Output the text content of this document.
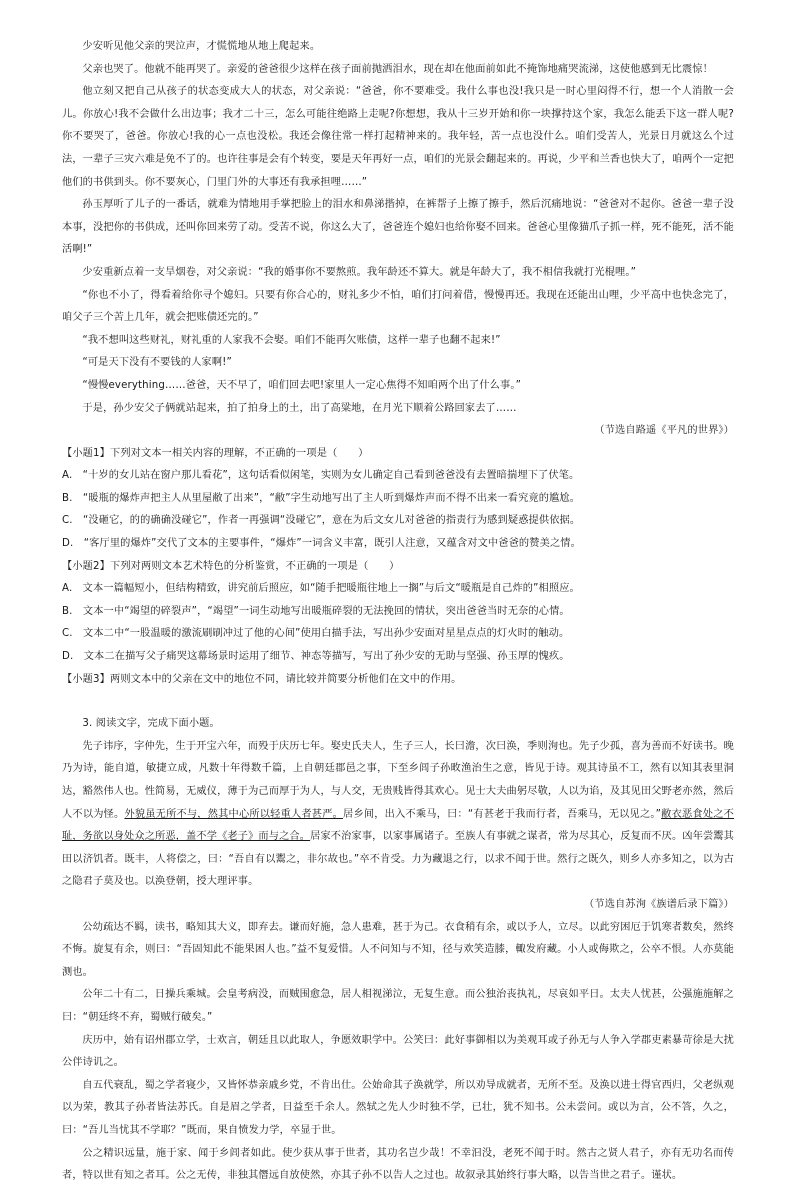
少安听见他父亲的哭泣声，才慌慌地从地上爬起来。

父亲也哭了。他就不能再哭了。亲爱的爸爸很少这样在孩子面前抛洒泪水，现在却在他面前如此不掩饰地痛哭流涕，这使他感到无比震惊！

他立刻又把自己从孩子的状态变成大人的状态，对父亲说：“爸爸，你不要难受。我什么事也没!我只是一时心里闷得不行，想一个人消散一会儿。你放心!我不会做什么出边事；我才二十三，怎么可能往绝路上走呢?你想想，我从十三岁开始和你一块撑持这个家，我怎么能丢下这一群人呢?你不要哭了，爸爸。你放心!我的心一点也没松。我还会像往常一样打起精神来的。我年轻，苦一点也没什么。咱们受苦人，光景日月就这么个过法，一辈子三灾六难是免不了的。也许往事是会有个转变，要是天年再好一点，咱们的光景会翻起来的。再说，少平和兰香也快大了，咱两个一定把他们的书供到头。你不要灰心，门里门外的大事还有我承担哩……”

孙玉厚听了儿子的一番话，就难为情地用手掌把脸上的泪水和鼻涕揩掉，在裤帮子上擦了擦手，然后沉痛地说：“爸爸对不起你。爸爸一辈子没本事，没把你的书供成，还叫你回来劳了动。受苦不说，你这么大了，爸爸连个媳妇也给你娶不回来。爸爸心里像猫爪子抓一样，死不能死，活不能活啊!”

少安重新点着一支旱烟卷，对父亲说：“我的婚事你不要熬煎。我年龄还不算大。就是年龄大了，我不相信我就打光棍哩。”

“你也不小了，得看着给你寻个媳妇。只要有你合心的，财礼多少不怕，咱们打问着借，慢慢再还。我现在还能出山哩，少平高中也快念完了，咱父子三个苦上几年，就会把账债还完的。”

“我不想叫这些财礼，财礼重的人家我不会娶。咱们不能再欠账债，这样一辈子也翻不起来!”

“可是天下没有不要钱的人家啊!”

“慢慢everything……爸爸，天不早了，咱们回去吧!家里人一定心焦得不知咱两个出了什么事。”

于是，孙少安父子俩就站起来，拍了拍身上的土，出了高粱地，在月光下顺着公路回家去了……

（节选自路遥《平凡的世界》）

【小题1】下列对文本一相关内容的理解，不正确的一项是（　　）

A.　“十岁的女儿站在窗户那儿看花”，这句话看似闲笔，实则为女儿确定自己看到爸爸没有去置暗揣埋下了伏笔。

B.　“暖瓶的爆炸声把主人从里屋敝了出来”，“敝”字生动地写出了主人听到爆炸声而不得不出来一看究竟的尴尬。

C.　“没砸它，的的确确没碰它”，作者一再强调“没碰它”，意在为后文女儿对爸爸的指责行为感到疑惑提供依据。

D.　“客厅里的爆炸”交代了文本的主要事件，“爆炸”一词含义丰富，既引人注意，又蕴含对文中爸爸的赞美之情。

【小题2】下列对两则文本艺术特色的分析鉴赏，不正确的一项是（　　）

A.　文本一篇幅短小，但结构精致，讲究前后照应，如“随手把暖瓶往地上一搁”与后文“暖瓶是自己炸的”相照应。

B.　文本一中“竭望的碎裂声”，“竭望”一词生动地写出暖瓶碎裂的无法挽回的情状，突出爸爸当时无奈的心情。

C.　文本二中“一股温暖的激流刷刷冲过了他的心间”使用白描手法，写出孙少安面对星星点点的灯火时的触动。

D.　文本二在描写父子痛哭这幕场景时运用了细节、神态等描写，写出了孙少安的无助与坚强、孙玉厚的愧疚。

【小题3】两则文本中的父亲在文中的地位不同，请比较并简要分析他们在文中的作用。

3. 阅读文字，完成下面小题。

先子讳序，字仲先，生于开宝六年，而殁于庆历七年。娶史氏夫人，生子三人，长曰澹，次曰涣，季则洵也。先子少孤，喜为善而不好读书。晚乃为诗，能自道，敏捷立成，凡数十年得数千篇，上自朝廷郡邑之事，下至乡闾子孙畋渔治生之意，皆见于诗。观其诗虽不工，然有以知其表里洞达，豁然伟人也。性简易，无威仪，薄于为己而厚于为人，与人交，无贵贱皆得其欢心。见士大夫曲躬尽敬，人以为谄，及其见田父野老亦然，然后人不以为怪。外貌虽无所不与，然其中心所以轻重人者甚严。居乡间，出入不乘马，曰：“有甚老于我而行者，吾乘马，无以见之。”敝衣恶食处之不耻，务欲以身处众之所恶，盖不学《老子》而与之合。居家不治家事，以家事属诸子。至族人有事就之谋者，常为尽其心，反复而不厌。凶年尝鬻其田以济饥者。既丰，人将偿之，曰：“吾自有以鬻之，非尔故也。”卒不肯受。力为藏退之行，以求不闻于世。然行之既久，则乡人亦多知之，以为古之隐君子莫及也。以涣登朝，授大理评事。

（节选自苏洵《族谱后录下篇》）

公幼疏达不羁，读书，略知其大义，即弃去。谦而好施，急人患难，甚于为己。衣食稍有余，或以予人，立尽。以此穷困厄于饥寒者数矣，然终不悔。旋复有余，则曰：“吾固知此不能果困人也。”益不复爱惜。人不问知与不知，径与欢笑造膝，輙发府藏。小人或侮欺之，公卒不恨。人亦莫能测也。

公年二十有二，日操兵乘城。会皇考病没，而贼围愈急，居人相视涕泣，无复生意。而公独治丧执礼，尽哀如平日。太夫人忧甚，公强施施解之曰：“朝廷终不弃，蜀贼行破矣。”

庆历中，始有诏州郡立学，士欢言，朝廷且以此取人，争愿效职学中。公笑曰：此好事御相以为美观耳或子孙无与人争入学郡吏素暴苛徐是大扰公伴诗讥之。

自五代衰乱，蜀之学者寝少，又皆怀恭亲戚乡党，不肯出仕。公始命其子涣就学，所以劝导成就者，无所不至。及涣以进士得官西归，父老纵观以为荣，教其子孙者皆法苏氏。自是眉之学者，日益至千余人。然轼之先人少时独不学，已壮，犹不知书。公未尝问。或以为言，公不答，久之，曰：“吾儿当忧其不学耶？”既而，果自愤发力学，卒显于世。

公之精识远量，施于家、闻于乡闾者如此。使少获从事于世者，其功名岂少哉！不幸汩没，老死不闻于时。然古之贤人君子，亦有无功名而传者，特以世有知之者耳。公之无传，非独其僭远自放使然，亦其子孙不以告人之过也。故叙录其始终行事大略，以告当世之君子。谨状。
